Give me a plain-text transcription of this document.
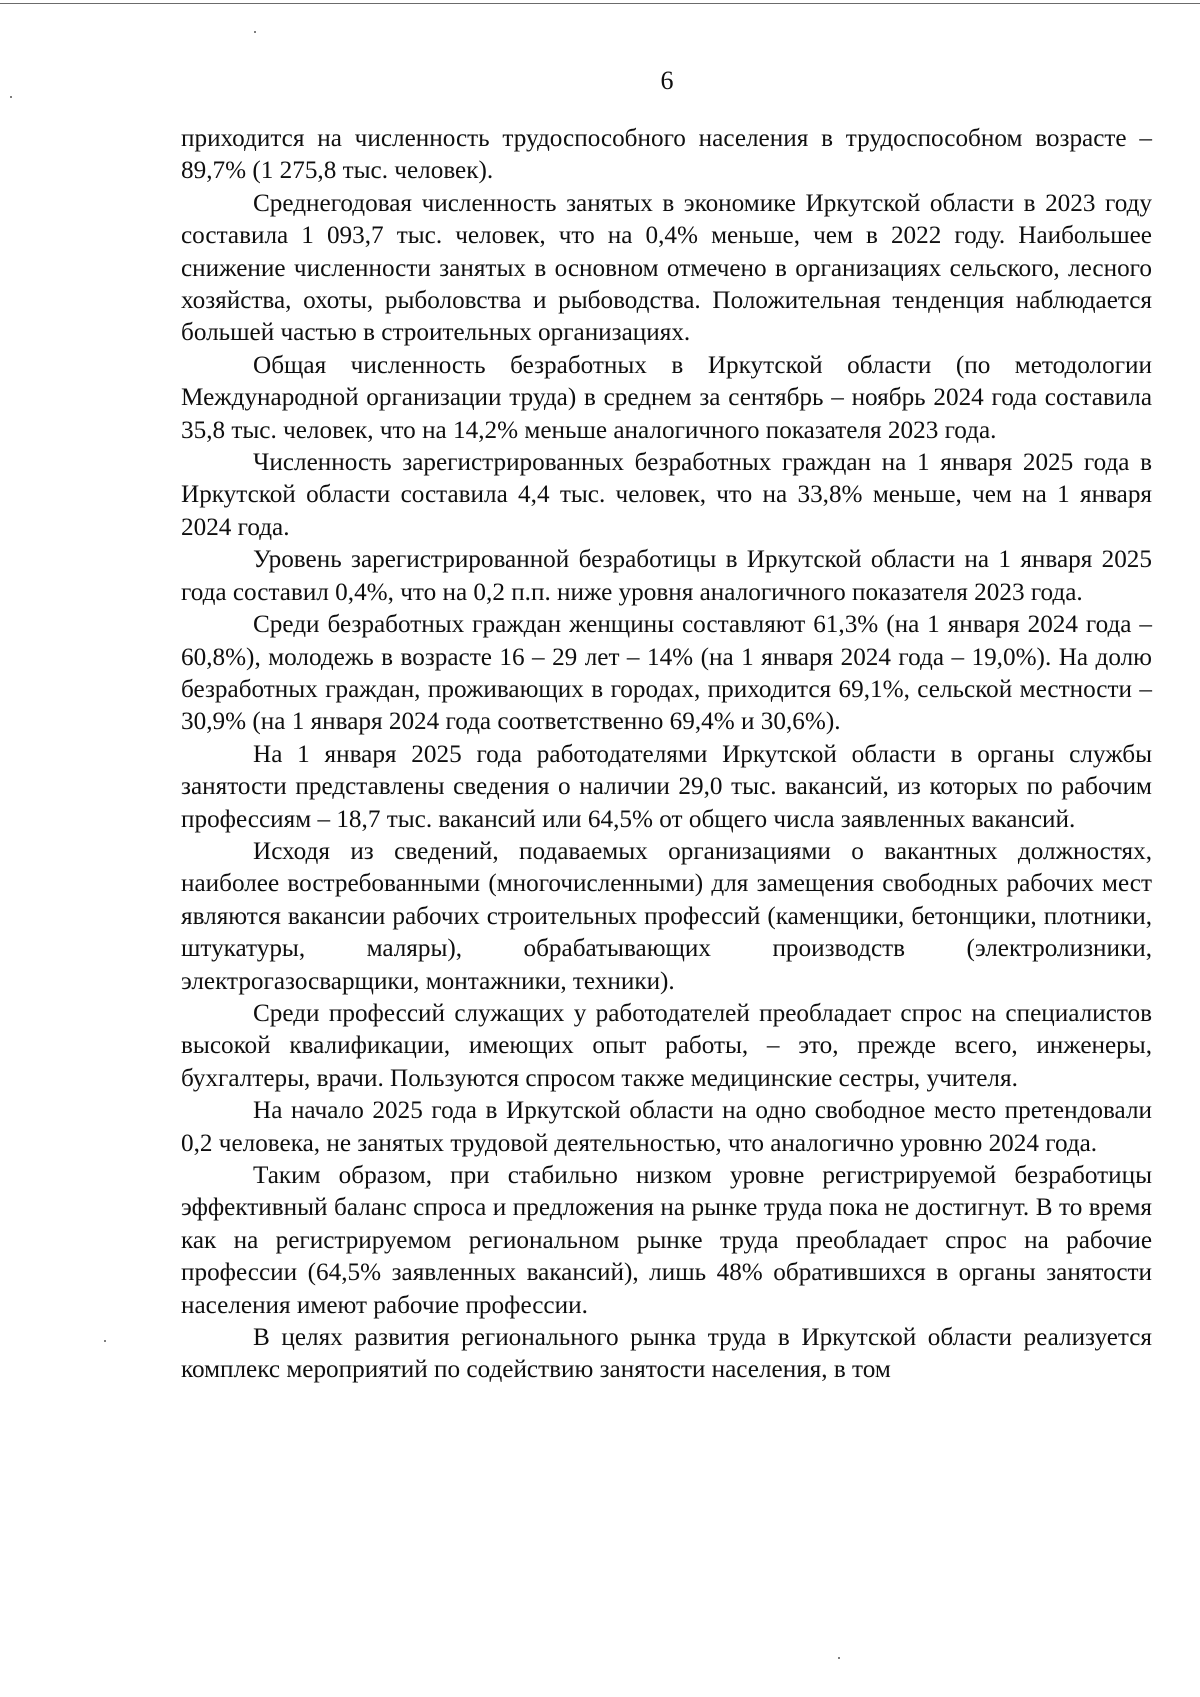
6

приходится на численность трудоспособного населения в трудоспособном возрасте – 89,7% (1 275,8 тыс. человек).

Среднегодовая численность занятых в экономике Иркутской области в 2023 году составила 1 093,7 тыс. человек, что на 0,4% меньше, чем в 2022 году. Наибольшее снижение численности занятых в основном отмечено в организациях сельского, лесного хозяйства, охоты, рыболовства и рыбоводства. Положительная тенденция наблюдается большей частью в строительных организациях.

Общая численность безработных в Иркутской области (по методологии Международной организации труда) в среднем за сентябрь – ноябрь 2024 года составила 35,8 тыс. человек, что на 14,2% меньше аналогичного показателя 2023 года.

Численность зарегистрированных безработных граждан на 1 января 2025 года в Иркутской области составила 4,4 тыс. человек, что на 33,8% меньше, чем на 1 января 2024 года.

Уровень зарегистрированной безработицы в Иркутской области на 1 января 2025 года составил 0,4%, что на 0,2 п.п. ниже уровня аналогичного показателя 2023 года.

Среди безработных граждан женщины составляют 61,3% (на 1 января 2024 года – 60,8%), молодежь в возрасте 16 – 29 лет – 14% (на 1 января 2024 года – 19,0%). На долю безработных граждан, проживающих в городах, приходится 69,1%, сельской местности – 30,9% (на 1 января 2024 года соответственно 69,4% и 30,6%).

На 1 января 2025 года работодателями Иркутской области в органы службы занятости представлены сведения о наличии 29,0 тыс. вакансий, из которых по рабочим профессиям – 18,7 тыс. вакансий или 64,5% от общего числа заявленных вакансий.

Исходя из сведений, подаваемых организациями о вакантных должностях, наиболее востребованными (многочисленными) для замещения свободных рабочих мест являются вакансии рабочих строительных профессий (каменщики, бетонщики, плотники, штукатуры, маляры), обрабатывающих производств (электролизники, электрогазосварщики, монтажники, техники).

Среди профессий служащих у работодателей преобладает спрос на специалистов высокой квалификации, имеющих опыт работы, – это, прежде всего, инженеры, бухгалтеры, врачи. Пользуются спросом также медицинские сестры, учителя.

На начало 2025 года в Иркутской области на одно свободное место претендовали 0,2 человека, не занятых трудовой деятельностью, что аналогично уровню 2024 года.

Таким образом, при стабильно низком уровне регистрируемой безработицы эффективный баланс спроса и предложения на рынке труда пока не достигнут. В то время как на регистрируемом региональном рынке труда преобладает спрос на рабочие профессии (64,5% заявленных вакансий), лишь 48% обратившихся в органы занятости населения имеют рабочие профессии.

В целях развития регионального рынка труда в Иркутской области реализуется комплекс мероприятий по содействию занятости населения, в том
